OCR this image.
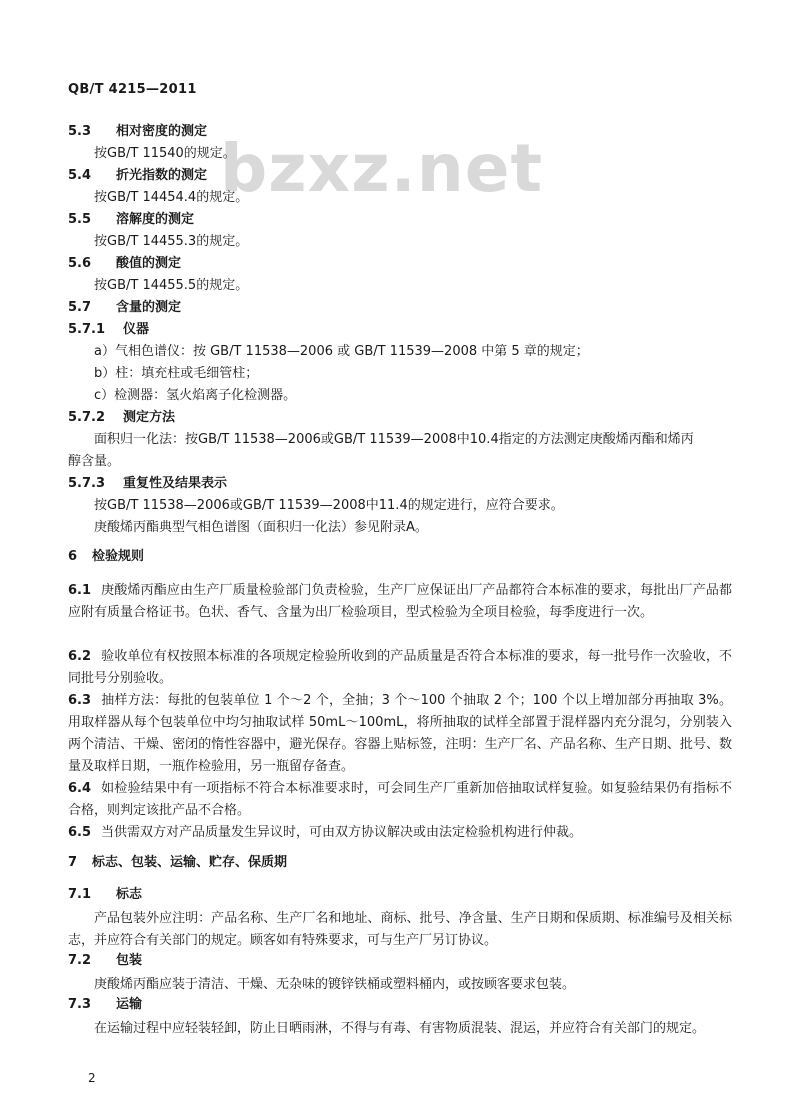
QB/T 4215—2011
bzxz.net
5.3 相对密度的测定
按GB/T 11540的规定。
5.4 折光指数的测定
按GB/T 14454.4的规定。
5.5 溶解度的测定
按GB/T 14455.3的规定。
5.6 酸值的测定
按GB/T 14455.5的规定。
5.7 含量的测定
5.7.1 仪器
a）气相色谱仪：按 GB/T 11538—2006 或 GB/T 11539—2008 中第 5 章的规定；
b）柱：填充柱或毛细管柱；
c）检测器：氢火焰离子化检测器。
5.7.2 测定方法
面积归一化法：按GB/T 11538—2006或GB/T 11539—2008中10.4指定的方法测定庚酸烯丙酯和烯丙
醇含量。
5.7.3 重复性及结果表示
按GB/T 11538—2006或GB/T 11539—2008中11.4的规定进行，应符合要求。
庚酸烯丙酯典型气相色谱图（面积归一化法）参见附录A。
6 检验规则
6.1 庚酸烯丙酯应由生产厂质量检验部门负责检验，生产厂应保证出厂产品都符合本标准的要求，每批出厂产品都应附有质量合格证书。色状、香气、含量为出厂检验项目，型式检验为全项目检验，每季度进行一次。
6.2 验收单位有权按照本标准的各项规定检验所收到的产品质量是否符合本标准的要求，每一批号作一次验收，不同批号分别验收。
6.3 抽样方法：每批的包装单位 1 个～2 个，全抽；3 个～100 个抽取 2 个；100 个以上增加部分再抽取 3%。用取样器从每个包装单位中均匀抽取试样 50mL～100mL，将所抽取的试样全部置于混样器内充分混匀，分别装入两个清洁、干燥、密闭的惰性容器中，避光保存。容器上贴标签，注明：生产厂名、产品名称、生产日期、批号、数量及取样日期，一瓶作检验用，另一瓶留存备查。
6.4 如检验结果中有一项指标不符合本标准要求时，可会同生产厂重新加倍抽取试样复验。如复验结果仍有指标不合格，则判定该批产品不合格。
6.5 当供需双方对产品质量发生异议时，可由双方协议解决或由法定检验机构进行仲裁。
7 标志、包装、运输、贮存、保质期
7.1 标志
产品包装外应注明：产品名称、生产厂名和地址、商标、批号、净含量、生产日期和保质期、标准编号及相关标志，并应符合有关部门的规定。顾客如有特殊要求，可与生产厂另订协议。
7.2 包装
庚酸烯丙酯应装于清洁、干燥、无杂味的镀锌铁桶或塑料桶内，或按顾客要求包装。
7.3 运输
在运输过程中应轻装轻卸，防止日晒雨淋，不得与有毒、有害物质混装、混运，并应符合有关部门的规定。
2
